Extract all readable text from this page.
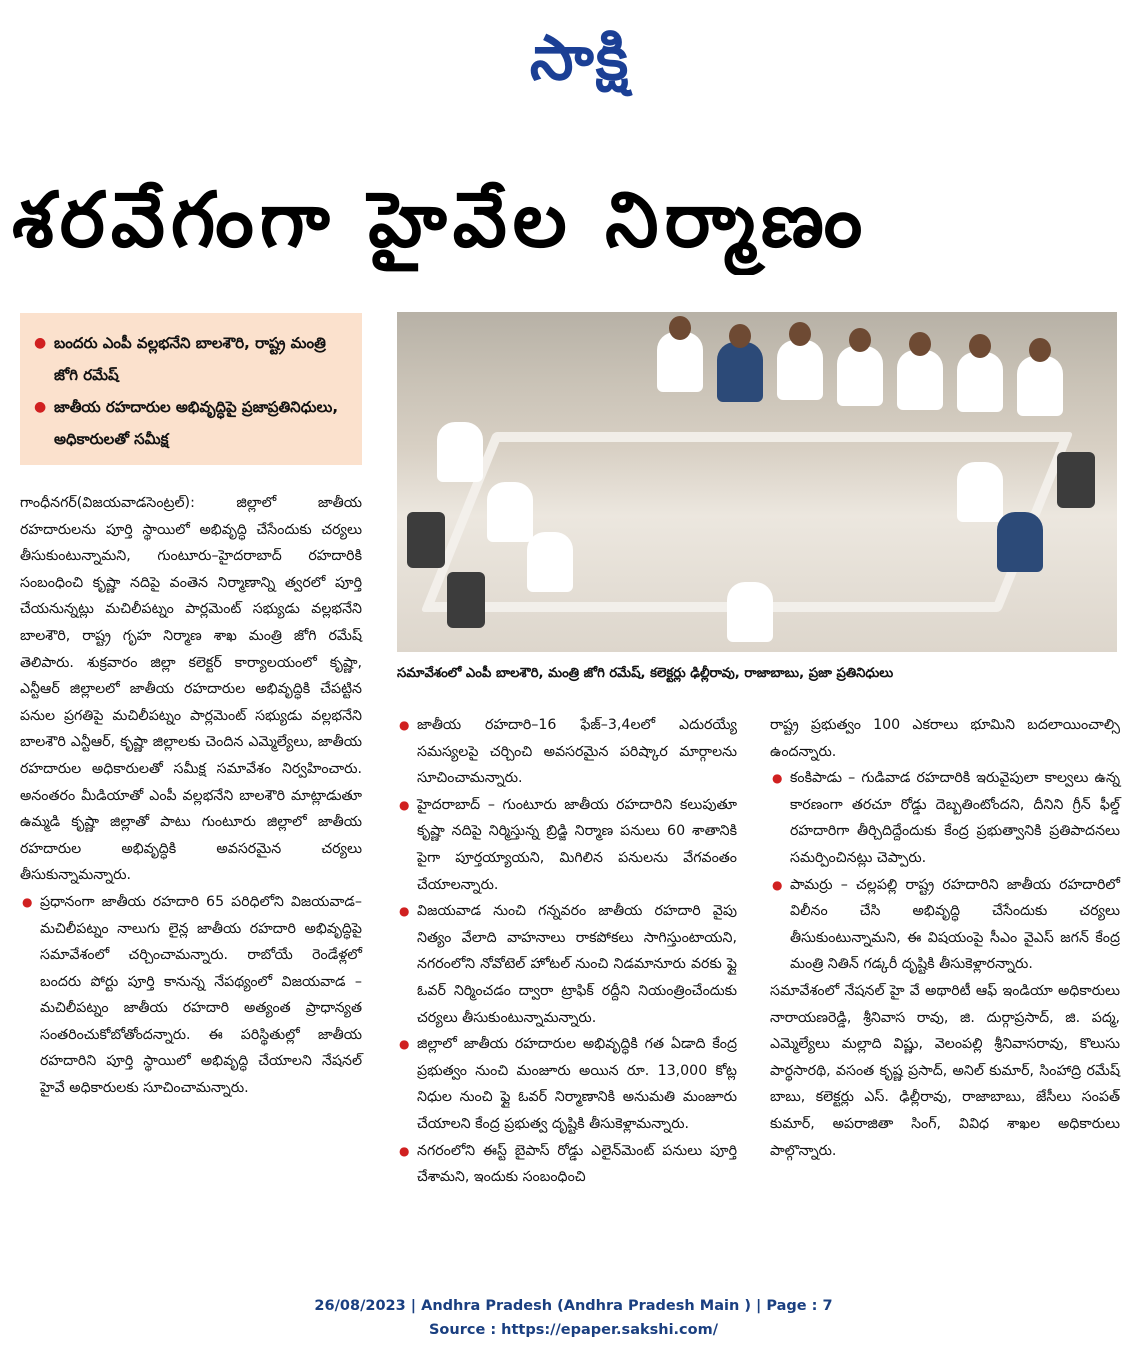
సాక్షి
శరవేగంగా హైవేల నిర్మాణం
● బందరు ఎంపీ వల్లభనేని బాలశౌరి, రాష్ట్ర మంత్రి జోగి రమేష్
● జాతీయ రహదారుల అభివృద్ధిపై ప్రజాప్రతినిధులు, అధికారులతో సమీక్ష
సమావేశంలో ఎంపీ బాలశౌరి, మంత్రి జోగి రమేష్, కలెక్టర్లు ఢిల్లీరావు, రాజాబాబు, ప్రజా ప్రతినిధులు

గాంధీనగర్(విజయవాడసెంట్రల్): జిల్లాలో జాతీయ రహదారులను పూర్తి స్థాయిలో అభివృద్ధి చేసేందుకు చర్యలు తీసుకుంటున్నామని, గుంటూరు–హైదరాబాద్ రహదారికి సంబంధించి కృష్ణా నదిపై వంతెన నిర్మాణాన్ని త్వరలో పూర్తి చేయనున్నట్లు మచిలీపట్నం పార్లమెంట్ సభ్యుడు వల్లభనేని బాలశౌరి, రాష్ట్ర గృహ నిర్మాణ శాఖ మంత్రి జోగి రమేష్ తెలిపారు. శుక్రవారం జిల్లా కలెక్టర్ కార్యాలయంలో కృష్ణా, ఎన్టీఆర్ జిల్లాలలో జాతీయ రహదారుల అభివృద్ధికి చేపట్టిన పనుల ప్రగతిపై మచిలీపట్నం పార్లమెంట్ సభ్యుడు వల్లభనేని బాలశౌరి ఎన్టీఆర్, కృష్ణా జిల్లాలకు చెందిన ఎమ్మెల్యేలు, జాతీయ రహదారుల అధికారులతో సమీక్ష సమావేశం నిర్వహించారు. అనంతరం మీడియాతో ఎంపీ వల్లభనేని బాలశౌరి మాట్లాడుతూ ఉమ్మడి కృష్ణా జిల్లాతో పాటు గుంటూరు జిల్లాలో జాతీయ రహదారుల అభివృద్ధికి అవసరమైన చర్యలు తీసుకున్నామన్నారు.

● ప్రధానంగా జాతీయ రహదారి 65 పరిధిలోని విజయవాడ–మచిలీపట్నం నాలుగు లైన్ల జాతీయ రహదారి అభివృద్ధిపై సమావేశంలో చర్చించామన్నారు. రాబోయే రెండేళ్లలో బందరు పోర్టు పూర్తి కానున్న నేపథ్యంలో విజయవాడ – మచిలీపట్నం జాతీయ రహదారి అత్యంత ప్రాధాన్యత సంతరించుకోబోతోందన్నారు. ఈ పరిస్థితుల్లో జాతీయ రహదారిని పూర్తి స్థాయిలో అభివృద్ధి చేయాలని నేషనల్ హైవే అధికారులకు సూచించామన్నారు.

● జాతీయ రహదారి–16 ఫేజ్–3,4లలో ఎదురయ్యే సమస్యలపై చర్చించి అవసరమైన పరిష్కార మార్గాలను సూచించామన్నారు.

● హైదరాబాద్ – గుంటూరు జాతీయ రహదారిని కలుపుతూ కృష్ణా నదిపై నిర్మిస్తున్న బ్రిడ్జి నిర్మాణ పనులు 60 శాతానికి పైగా పూర్తయ్యాయని, మిగిలిన పనులను వేగవంతం చేయాలన్నారు.

● విజయవాడ నుంచి గన్నవరం జాతీయ రహదారి వైపు నిత్యం వేలాది వాహనాలు రాకపోకలు సాగిస్తుంటాయని, నగరంలోని నోవోటెల్ హోటల్ నుంచి నిడమానూరు వరకు ఫ్లై ఓవర్ నిర్మించడం ద్వారా ట్రాఫిక్ రద్దీని నియంత్రించేందుకు చర్యలు తీసుకుంటున్నామన్నారు.

● జిల్లాలో జాతీయ రహదారుల అభివృద్ధికి గత ఏడాది కేంద్ర ప్రభుత్వం నుంచి మంజూరు అయిన రూ. 13,000 కోట్ల నిధుల నుంచి ఫ్లై ఓవర్ నిర్మాణానికి అనుమతి మంజూరు చేయాలని కేంద్ర ప్రభుత్వ దృష్టికి తీసుకెళ్లామన్నారు.

● నగరంలోని ఈస్ట్ బైపాస్ రోడ్డు ఎలైన్‌మెంట్ పనులు పూర్తి చేశామని, ఇందుకు సంబంధించి

రాష్ట్ర ప్రభుత్వం 100 ఎకరాలు భూమిని బదలాయించాల్సి ఉందన్నారు.

● కంకిపాడు – గుడివాడ రహదారికి ఇరువైపులా కాల్వలు ఉన్న కారణంగా తరచూ రోడ్డు దెబ్బతింటోందని, దీనిని గ్రీన్ ఫీల్డ్ రహదారిగా తీర్చిదిద్దేందుకు కేంద్ర ప్రభుత్వానికి ప్రతిపాదనలు సమర్పించినట్లు చెప్పారు.

● పామర్రు – చల్లపల్లి రాష్ట్ర రహదారిని జాతీయ రహదారిలో విలీనం చేసి అభివృద్ధి చేసేందుకు చర్యలు తీసుకుంటున్నామని, ఈ విషయంపై సీఎం వైఎస్ జగన్ కేంద్ర మంత్రి నితిన్ గడ్కరీ దృష్టికి తీసుకెళ్లారన్నారు.

సమావేశంలో నేషనల్ హై వే అథారిటీ ఆఫ్ ఇండియా అధికారులు నారాయణరెడ్డి, శ్రీనివాస రావు, జి. దుర్గాప్రసాద్, జి. పద్మ, ఎమ్మెల్యేలు మల్లాది విష్ణు, వెలంపల్లి శ్రీనివాసరావు, కొలుసు పార్థసారథి, వసంత కృష్ణ ప్రసాద్, అనిల్ కుమార్, సింహాద్రి రమేష్ బాబు, కలెక్టర్లు ఎస్. ఢిల్లీరావు, రాజాబాబు, జేసీలు సంపత్ కుమార్, అపరాజితా సింగ్, వివిధ శాఖల అధికారులు పాల్గొన్నారు.

26/08/2023 | Andhra Pradesh (Andhra Pradesh Main ) | Page : 7
Source : https://epaper.sakshi.com/
